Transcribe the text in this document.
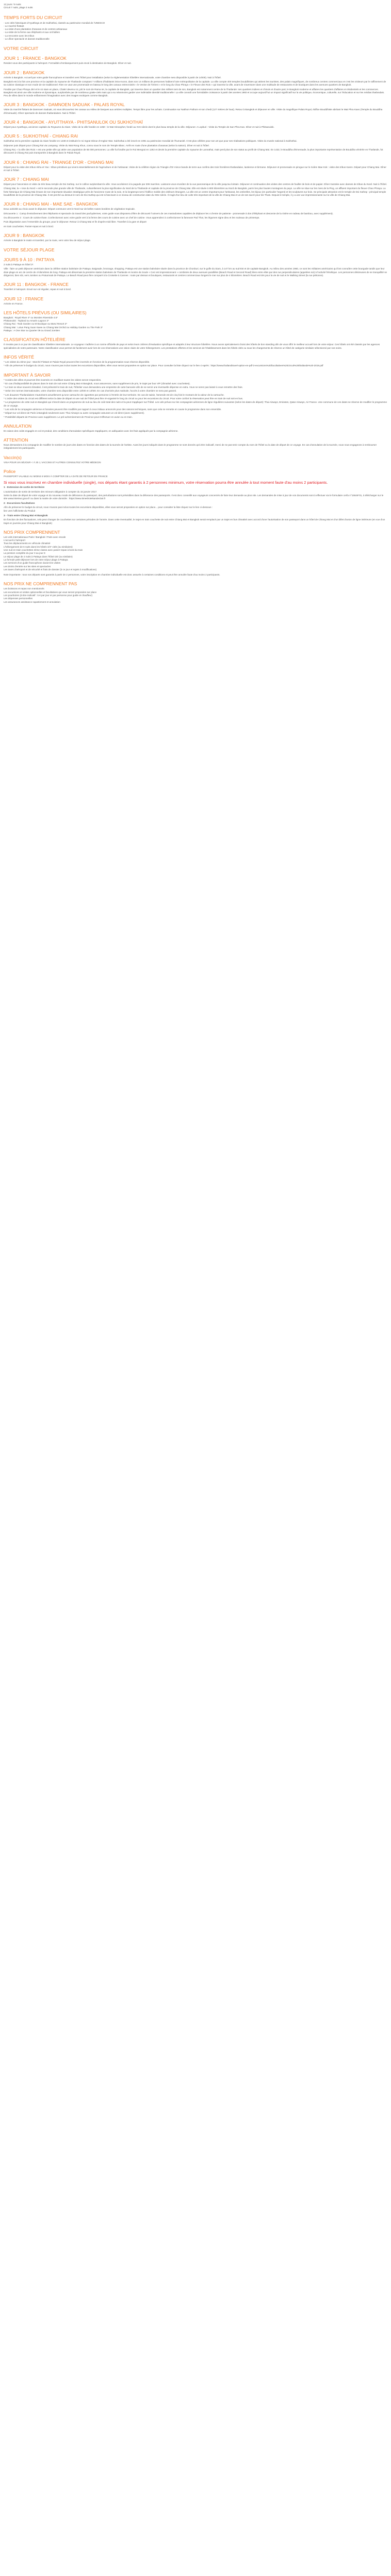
12 jours / 9 nuits

Circuit 7 nuits, plage 2 nuits

TEMPS FORTS DU CIRCUIT
- Les cités historiques d'Ayutthaya et de Sukhothai, classés au patrimoine mondial de l'UNESCO
- Le marché flottant
- La visite d'une plantation d'ananas et de centres artisanaux
- La visite de la ferme aux éléphants et aux orchidées
- La rencontre avec les tribus
- Le dîner spectacle et danses traditionnelle
VOTRE CIRCUIT
JOUR 1 : FRANCE - BANGKOK

Rendez-vous des participants à l'aéroport. Formalités d'embarquement puis envol à destination de Bangkok. Dîner et nuit.

JOUR 2 : BANGKOK

Arrivée à Bangkok. Accueil par votre guide francophone et transfert vers l'hôtel pour installation (selon la réglementation hôtelière internationale, votre chambre sera disponible à partir de 14h00). Nuit à l'hôtel.

Bangkok est à la fois une province et la capitale du royaume de Thaïlande comptant 7 millions d'habitants intra-muros, dans son 14 millions de personnes habitent l'aire métropolitaine de la capitale. La ville compte 400 temples bouddhistes qui attirent les touristes, des palais magnifiques, de nombreux centres commerciaux et c'est les visiteurs par le raffinement de sa cuisine classique et son mode de vie traditionnel. Rien ne vaut une promenade en bateau le long des canaux entrecroisés « le Venise de l'Orient » et le long du Chao Phraya « le Fleuve des Rois » qui traverse la ville, avant de s'aventurer dans une multitude de restaurants et de boutiques dans les avenues quartiers de Bangkok.

Fondée par Chao Phraya Jkri et le roi siam en place, Chakri devenu roi, prit le nom de Rama Ier, la capitale de Bangkok, qui traverse dans un quartier des milliers tant de son, Bangkok est notamment centre de la Thaïlande: ses quartiers indiens et chinois et d'autre part, le Bangkok moderne et affaires les quartiers d'affaires et résidentiels et les commerces. Bangkok est ainsi une ville moderne et dynamique, surplombée par de nombreux gratte-ciels mais qui a su néanmoins garder une indéniable identité traditionnelle ! La ville connaît une formidable croissance à partir des années 1960 et occupe aujourd'hui un impact significatif sur la vie politique, économique, culturelle, sur l'éducation et sur les médias thaïlandais. Peu de villes dans le monde enflamment l'imagination avec des images exotiques comme Bangkok.

JOUR 3 : BANGKOK - DAMNOEN SADUAK - PALAIS ROYAL

Visite du marché flottant de Damnoen Saduak, où vous découvrirez les canaux au milieu de barques aux articles multiples. Temps libre pour les achats. Continuation sur Nakhon Pathom et son chedi (127 mètres de haut). Retour à Bangkok et déjeuner en ville. Visite du magnifique Palais Royal, édifice Bouddhiste abritant le Wat Phra Kaeo (Temple du Bouddha d'émeraude). Dîner spectacle de danses thaïlandaises. Nuit à l'hôtel.

JOUR 4 : BANGKOK - AYUTTHAYA - PHITSANULOK OU SUKHOTHAÏ

Départ pour Ayutthaya, ancienne capitale du Royaume du Siam. Visite de la ville fondée en 1350 : le Wat Sriranphet, fondé au XVe siècle dont le plus beau temple de la ville. Déjeuner. A Lopburi : Visite du Temple de San Phra Kan. Dîner et nuit à Phitsanulok.

JOUR 5 : SUKHOTHAÏ - CHIANG RAI

Sukhothai est la première capitale du Siam fondée en 1238 et instituée le roi Ingrat Inbrue d'Angkor Wat. Sukhothai a été inscrit en 1991 au patrimoine mondial de l'humanité. C'est plus célèbre pour son art que pour ses réalisations politiques. Visite du musée national à Sukhothai.

Déjeuner puis départ pour Chiang Rai via Lampang. Visite du Wat Rong Khun, connu sous le nom de Temple Blanc. Arrêt en route d'une plantation d'ananas (selon la saison). Dîner et nuit à l'hôtel.

Chiang Rai, « la ville des Rois » est une petite ville qui attire une population de 65 000 personnes. La ville fut fondée par le Roi Mengrai en 1262 et devint la première capitale du royaume de Lannathai, mais perd plus de son statut au profit de Chiang Mai. En 1432, le Bouddha d'Emeraude, la plus importante représentation de Bouddha vénérée en Thaïlande, fut découvert à Chiang Rai puis transportée à Bangkok dans le Palais Royal.

JOUR 6 : CHIANG RAI - TRIANGE D'OR - CHIANG MAI

Départ pour la visite des tribus Akha et Yao : tribus primitives qui vivent essentiellement de l'agriculture et de l'artisanat. Visite de la célèbre région du Triangle d'Or mince bande de terre aux confins des trois frontières thaïlandaise, laotienne et birmane. Déjeuner et promenade en pirogue sur le rivière Mae Kok : visite des tribus Karen. Départ pour Chiang Mai. Dîner et nuit à l'hôtel.

JOUR 7 : CHIANG MAI

Départ pour l'ascension et visite du très beau temple de Doi Suthep, sur le colline surplombant la ville. Vous accéderez à la pagode par 306 marches. Laissons-vous envoûter de la vue panoramique de la ville jusqu'au lointain. Déjeuner et continuation des visites des centres de fouiller de bois et de papier. Dîner Kantoke avec danses de tribus du Nord. Nuit à l'hôtel.

Chiang Mai, la « rose du Nord » est le seconde plus grande ville de Thaïlande, culturellement la plus significative du Nord de la Thaïlande et capitale de la province de Chiang Mai. Elle est située à 800 kilomètres au Nord de Bangkok, parmi les plus hautes montagnes du pays. La ville se situe sur les rives de la Ping, un affluent important du fleuve Chao Phraya. La forte historique de Chiang Mai émane de son importante situation stratégique près de l'ancienne route de la soie, et la longtemps servi l'édifice mobile des citéleurs étrangers. La ville est un centre important pour l'artisanat, les ombrelles, les bijoux (en particulier l'argent) et les sculptures sur bois. Se principale attraction est le temple de Doi Suthep : principal temple bouddhiste de la province de Chiang Mai. Il est perché au dessus le nom de Doi Suthep qui est si fascinant à ce niveau de construction date du XIIIe siècle. Il s'agit d'un lieu de culte très important de la ville de Chiang Mai et un de ses sacré pour les Thaïs. Depuis le temple, il y a une vue impressionnante sur la ville de Chiang Mai.

JOUR 8 : CHIANG MAI - MAE SAE - BANGKOK

Deux activités au choix avant le déjeuner. Départ commune vers le Nord sur de belles routes bordées de végétation tropicale.

Découverte 1 : Camp d'entraînement des éléphants et spectacle du travail des pachydermes, votre guide vous disposera d'être de découvrir l'univers de ces mastodontes capables de déplacer les 4 d'entre de patiente - promenade à dos d'éléphant et descente de la rivière en radeau de bambou, avec supplément).

Ou découverte 2 : Cours de cuisine thaïe. Confectionnez avec votre guide vert à la ferme des cours de cuisine avec un chef de cuisine. Vous apprendrez à confectionner la fameuse Pad Thaï, les légumes signe dieu et les rouleaux de printemps.

Puis dégustation avec l'ensemble du groupe, pour le déjeuner. Retour à Chiang Mai et fin d'après-midi libre. Transfert à la gare et départ

en train couchettes. Panier-repas et nuit à bord.

JOUR 9 : BANGKOK

Arrivée à Bangkok le matin et transfert, par la route, vers votre lieu de séjour plage.

VOTRE SÉJOUR PLAGE
JOURS 9 À 10 : PATTAYA

2 nuits à Pattaya en hôtel 3*.

Ville : faire un petit déjeuner américain dans la célèbre station balnéaire de Pattaya. Baignade, bronzage, shopping. Pattaya est une station balnéaire située dans la province de Chonburi, sur le golfe du Siam, à 147 km au sud-Est et de capitale Bangkok. Au milieu des années 1960, ce sont les militaires américains qui font connaître cette bourgade tandis que leur dixie plage en arc de cercle de 4 kilomètres de long. Pattaya est désormais la première station balnéaire de Thaïlande et montre de Soule « Ceci est impressionnant » combinée de deux avenues parallèles (Beach Road et Second Road) liées entre elles par des rue perpendiculaires (appelées soi) à l'activité frénétique. Les personnes désireuses de se tranquillité se dirigeront, bien sûr, vers Jomtien ou Pratumnak de Pattaya. Le Beach Road peut être comparé à la Croisette à Cannes : route par dessus et boutiques, restaurants et centres commerciaux longent le mer sur plus de 4 kilomètres. Beach Road est très pour la vie de nuit et le Walking Street (la rue piétonne).

JOUR 11 : BANGKOK - FRANCE

Transfert à l'aéroport. Envol sur vol régulier, repas et nuit à bord.

JOUR 12 : FRANCE

Arrivée en France.

LES HÔTELS PRÉVUS (OU SIMILAIRES)
Bangkok : Royal River 4* ou Montien Riverside 4.5*
Phitsanulok : Topland ou Amarin Lagoon 3*
Chiang Rai : Teak Garden ou M Boutique ou Marvi Resort 3*
Chiang Mai : Lotus Pang Suan Kaew ou Chiang Mai Orchid ou Holiday Garden ou The Park 3*
Pattaya : A One Star ou Quarter 09 ou Grand Jomtien
CLASSIFICATION HÔTELIÈRE

Il n'existe pas à ce jour de classification hôtelière internationale. Le voyageur n'adhère à un norme officielle de pays et selon leurs critères d'évaluation spécifique et adaptés à leur structure hôtelière. Nous avons spécialement choisi des hôtels de bon standing afin de vous offrir le meilleur accueil lors de votre séjour. Ces hôtels ont été classés par les agences spécialisées de notre partenaire. Notre classification vous permet de facilement avoir lors de vos réservations une vision claire de votre hébergement. Les prestations offertes et les services de l'établissement dans les hôtels cités ou sous les chargements de réserve un hôtel de catégorie similaire sélectionné par nos soins.

INFOS VÉRITÉ

* Les visites du 3ème jour : Marché Flottant et Palais Royal peuvent être inversés en fonction de la programmation sous réserve disponible.

* Afin de préserver le budget du circuit, nous n'avons pas inclus toutes les excursions disponibles, elles vous seront proposées en option sur place. Pour consulter la liste cliquez sur le lien ci-après : https://www.thailandtravel-option-en-pdf-3-excursions%20facultatives%20circuit%20thailande%20-2019.pdf

IMPORTANT À SAVOIR

* Cordes des villes et pourront être inversés en modifiant toutes les visites seront respectées.

* En cas d'indisponibilité de places dans le train de nuit entre Chiang Mai et Bangkok, nous assurerons, sans supplément de prix, le trajet par bus VIP (climatisé avec couchettes).

* Le train se situe souvent climatisé, il est présenté le train de nuit, l'hôtelier vous demandera une empreinte de carte bancaire afin de se servir une éventuelle dépense en extra. Vous ne serez pas laissé à vous remettre des frais.

* Selon les normes internationales, votre chambre sera disponible entre 12h00 et 14h00. En cas d'arrivée plus matinale, l'accès à votre chambre ne sera pas garanti.

* Les douanes Thaïlandaises n'autorisent actuellement qu'une cartouche de cigarettes par personne à l'entrée de leur territoire. En cas de saisie, l'amende est de cinq fois le montant de la valeur de la cartouche.

* L'ordre des visites du circuit est différent selon la date de départ et une nuit de l'hôtel peut être ré-organisé le long du circuit ou pour les excursions du circuit. Pour votre confort la réservation peut être en train de nuit soit en bus.

* Le programme de cette nuit en Bangkok qui s'inscrit dans un programme de nuit au lieu de coût total des nuits et la peut s'appliquer sur l'hôtel. Les vols prévus sur les compagnies aériennes de ligne régulières suivantes (selon les dates de départ): Thai Airways, Emirates, Qatar Airways, Air France. Une commune de ces dates se réserve de modifier le programme de ce voyage.

* Les vols de la compagnie aérienne et horaires peuvent être modifiés par rapport à ceux initiaux annoncés pour des raisons techniques, sans que cela ne remette en cause le programme dans son ensemble.

* Départ sur vol direct de Paris à Bangkok seulement avec Thai Airways ou autre compagnie assurant un vol direct (avec supplément).

* Possibilité départs de Province avec supplément. Le pré-acheminement de Province peut s'effectuer en avion ou en train.

ANNULATION

En raison des coûts engagés en vol et produit, des conditions d'annulation spécifiques s'appliquent, en adéquation avec les frais appliqués par la compagnie aérienne.

ATTENTION

Nous demandons à la compagnie de modifier le nombre de jours des dates en fonction des dates de la tournée de l'artiste. Aussi les jours indiqués dans le programme ne sont donnés qu'à titre indicatif, merci de ne pas tenir compte du nom de l'hôtel ou la date de départ de ce voyage. En cas d'annulation de la tournée, nous nous engageons à rembourser intégralement les participants.

Vaccin(s)

VISA POUR UN SÉJOUR < À 30 J, VACCINS ET AUTRES CONSULTEZ VOTRE MÉDECIN

Police

PASSEPORT VALABLE AU MOINS 6 MOIS À COMPTER DE LA DATE DE RETOUR EN FRANCE

Si vous vous inscrivez en chambre individuelle (single), nos départs étant garantis à 2 personnes minimum, votre réservation pourra être annulée à tout moment faute d'au moins 2 participants.

1 - Extension de sortie de territoire

L'autorisation de sortie de territoire des mineurs obligatoire à compter du 15 janvier 2017.

Selon la date de départ de votre voyage et du nouveau mode de délivrance du passeport, des perturbations sont prévisibles dans la délivrance des passeports. Il est donc conseillé aux voyageurs concernés de faire leur demande au plus vite. Les demandes de mise à jour de vos documents sont à effectuer via le formulaire cerfa n°15646*01, à télécharger sur le site www.interieur.gouv.fr ou dans la mairie de votre domicile : https://www.timeshotelsandeclair.fr

2 - Excursions facultatives

Afin de préserver le budget du circuit, nous n'avons pas inclus toutes les excursions disponibles, elles vous seront proposées en option sur place... pour consulter la liste cliquez sur le lien ci-dessous :

lien vers l'affichette du Produit

3 - Train entre Chiang Mai et Bangkok

En fonction de des fluctuations, cela peut changer de couchettes sur certaines périodes de l'année. Dans cette éventualité, le trajet en train couchette de nuit entre Chiang Mai et Bangkok serait remplacé par un trajet en bus climatisé avec accord d'une l'autorisation de son passeport dans un hôtel de Chiang Mai et d'un billet d'avion de ligne intérieure (en vue d'un trajet en journée pour Chiang Mai et Bangkok)

NOS PRIX COMPRENNENT
Les vols internationaux Paris / Bangkok / Paris avec escale
L'accueil à l'aéroport
Tous les déplacements en véhicule climatisé
L'hébergement de 6 nuits dans les hôtels 3/4* cités (ou similaires)
Une nuit en train couchettes 2ème classe avec panier-repas à bord du train
La pension complète du jour 3 au jour 8
Le séjour plage de 2 nuits à Pattaya dans l'hôtel cité (ou similaire)
La formule petit-déjeuner lors de votre séjour plage à Pattaya
Les services d'un guide francophone durant les visites
Les droits d'entrée sur les sites et spectacles
Les taxes d'aéroport et de sécurité et frais de dossier (à ce jour et sujets à modifications)

Note importante : tous nos départs sont garantis à partir de 2 personnes, votre inscription en chambre individuelle est donc assurée à certaines conditions et peut être annulée faute d'au moins 2 participants.

NOS PRIX NE COMPRENNENT PAS
Les boissons et repas non mentionnés
Les excursions et visites optionnelles et facultatives qui vous seront proposées sur place
Les pourboires (à titre indicatif : 5 € par jour et par personne pour guide et chauffeur)
Les dépenses personnelles
Les assurances assistance rapatriement et annulation
